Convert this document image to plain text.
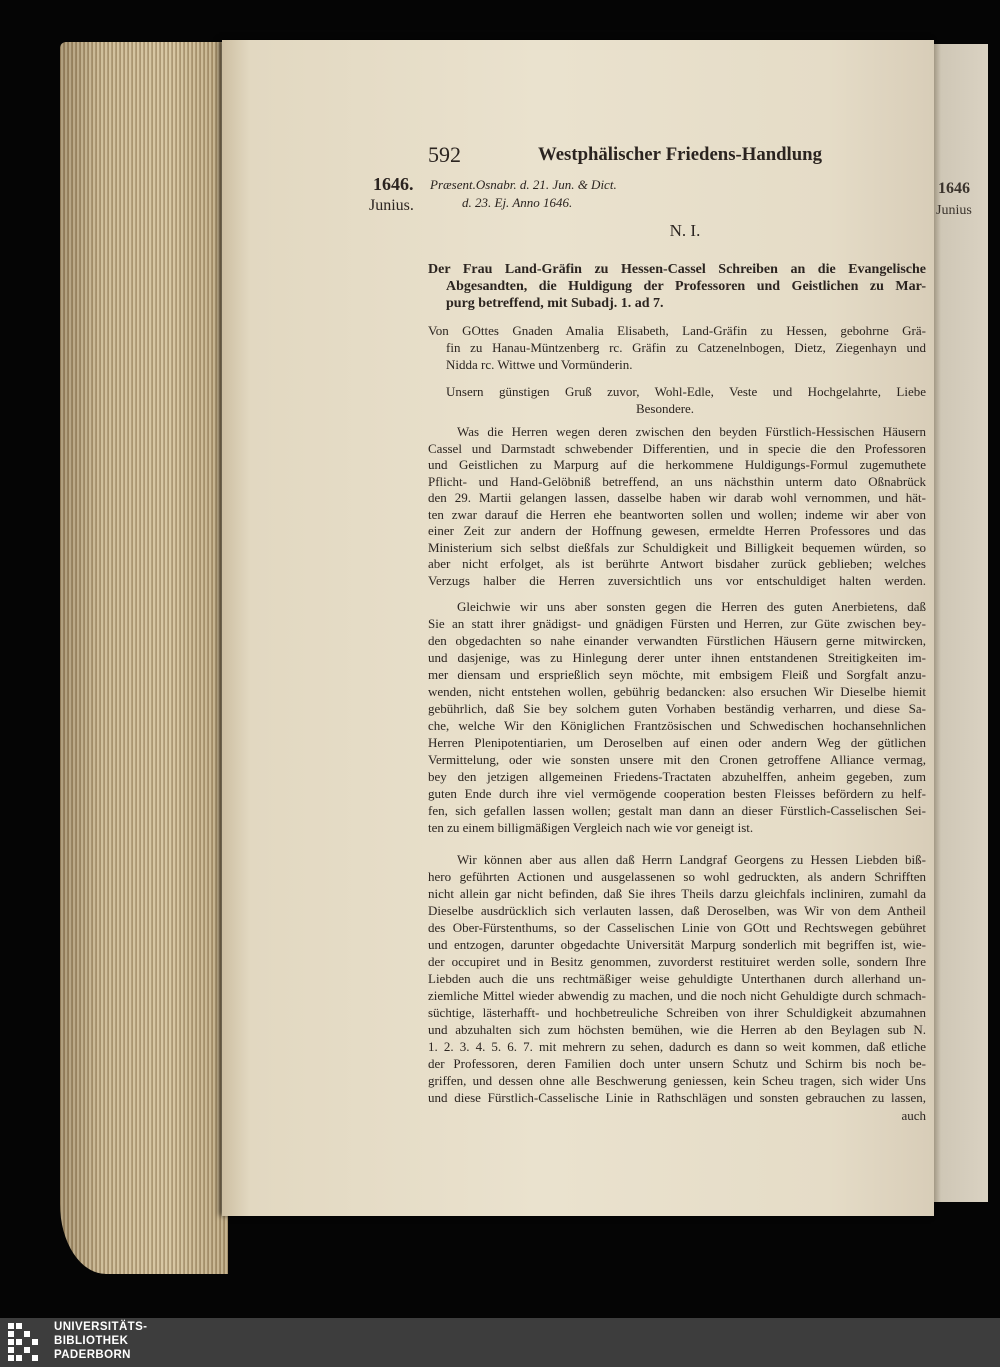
592	Westphälischer Friedens-Handlung
1646.
Junius.
Præsent.Osnabr. d. 21. Jun. & Dict.
d. 23. Ej. Anno 1646.
1646
Junius
N. I.
Der Frau Land-Gräfin zu Hessen-Cassel Schreiben an die Evangelische
Abgesandten, die Huldigung der Professoren und Geistlichen zu Mar-
purg betreffend, mit Subadj. 1. ad 7.
Von GOttes Gnaden Amalia Elisabeth, Land-Gräfin zu Hessen, gebohrne Grä-
fin zu Hanau-Müntzenberg rc. Gräfin zu Catzenelnbogen, Dietz, Ziegenhayn und
Nidda rc. Wittwe und Vormünderin.
Unsern günstigen Gruß zuvor, Wohl-Edle, Veste und Hochgelahrte, Liebe
Besondere.
Was die Herren wegen deren zwischen den beyden Fürstlich-Hessischen Häusern
Cassel und Darmstadt schwebender Differentien, und in specie die den Professoren
und Geistlichen zu Marpurg auf die herkommene Huldigungs-Formul zugemuthete
Pflicht- und Hand-Gelöbniß betreffend, an uns nächsthin unterm dato Oßnabrück
den 29. Martii gelangen lassen, dasselbe haben wir darab wohl vernommen, und hät-
ten zwar darauf die Herren ehe beantworten sollen und wollen; indeme wir aber von
einer Zeit zur andern der Hoffnung gewesen, ermeldte Herren Professores und das
Ministerium sich selbst dießfals zur Schuldigkeit und Billigkeit bequemen würden, so
aber nicht erfolget, als ist berührte Antwort bisdaher zurück geblieben; welches
Verzugs halber die Herren zuversichtlich uns vor entschuldiget halten werden.
Gleichwie wir uns aber sonsten gegen die Herren des guten Anerbietens, daß
Sie an statt ihrer gnädigst- und gnädigen Fürsten und Herren, zur Güte zwischen bey-
den obgedachten so nahe einander verwandten Fürstlichen Häusern gerne mitwircken,
und dasjenige, was zu Hinlegung derer unter ihnen entstandenen Streitigkeiten im-
mer diensam und ersprießlich seyn möchte, mit embsigem Fleiß und Sorgfalt anzu-
wenden, nicht entstehen wollen, gebührig bedancken: also ersuchen Wir Dieselbe hiemit
gebührlich, daß Sie bey solchem guten Vorhaben beständig verharren, und diese Sa-
che, welche Wir den Königlichen Frantzösischen und Schwedischen hochansehnlichen
Herren Plenipotentiarien, um Deroselben auf einen oder andern Weg der gütlichen
Vermittelung, oder wie sonsten unsere mit den Cronen getroffene Alliance vermag,
bey den jetzigen allgemeinen Friedens-Tractaten abzuhelffen, anheim gegeben, zum
guten Ende durch ihre viel vermögende cooperation besten Fleisses befördern zu helf-
fen, sich gefallen lassen wollen; gestalt man dann an dieser Fürstlich-Casselischen Sei-
ten zu einem billigmäßigen Vergleich nach wie vor geneigt ist.
Wir können aber aus allen daß Herrn Landgraf Georgens zu Hessen Liebden biß-
hero geführten Actionen und ausgelassenen so wohl gedruckten, als andern Schrifften
nicht allein gar nicht befinden, daß Sie ihres Theils darzu gleichfals incliniren, zumahl da
Dieselbe ausdrücklich sich verlauten lassen, daß Deroselben, was Wir von dem Antheil
des Ober-Fürstenthums, so der Casselischen Linie von GOtt und Rechtswegen gebühret
und entzogen, darunter obgedachte Universität Marpurg sonderlich mit begriffen ist, wie-
der occupiret und in Besitz genommen, zuvorderst restituiret werden solle, sondern Ihre
Liebden auch die uns rechtmäßiger weise gehuldigte Unterthanen durch allerhand un-
ziemliche Mittel wieder abwendig zu machen, und die noch nicht Gehuldigte durch schmach-
süchtige, lästerhafft- und hochbetreuliche Schreiben von ihrer Schuldigkeit abzumahnen
und abzuhalten sich zum höchsten bemühen, wie die Herren ab den Beylagen sub N.
1. 2. 3. 4. 5. 6. 7. mit mehrern zu sehen, dadurch es dann so weit kommen, daß etliche
der Professoren, deren Familien doch unter unsern Schutz und Schirm bis noch be-
griffen, und dessen ohne alle Beschwerung geniessen, kein Scheu tragen, sich wider Uns
und diese Fürstlich-Casselische Linie in Rathschlägen und sonsten gebrauchen zu lassen,
auch
UNIVERSITÄTS-
BIBLIOTHEK
PADERBORN
